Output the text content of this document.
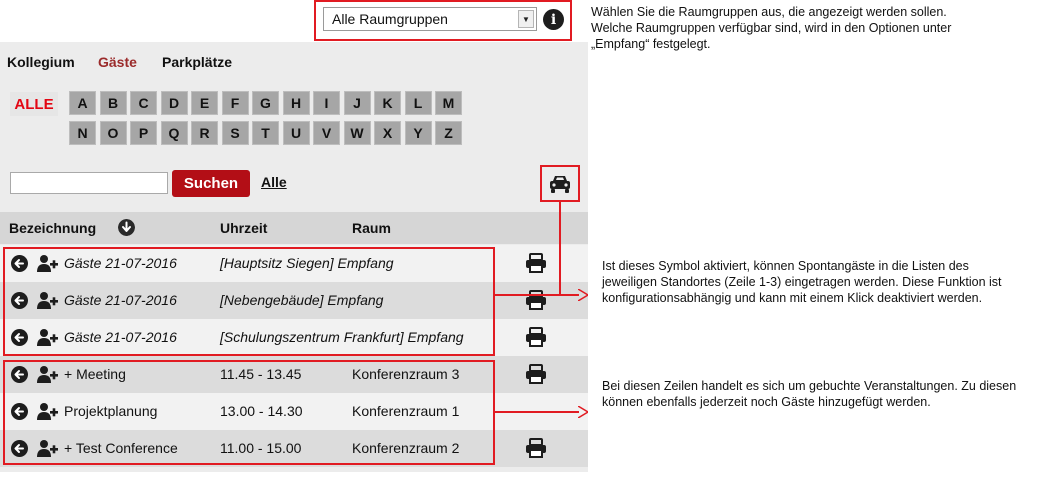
Alle Raumgruppen	▼	i
Kollegium Gäste Parkplätze
ALLE	A	B	C	D	E	F	G	H	I	J	K	L	M
N	O	P	Q	R	S	T	U	V	W	X	Y	Z
Suchen	Alle
Bezeichnung	Uhrzeit	Raum
Gäste 21-07-2016	[Hauptsitz Siegen] Empfang
Gäste 21-07-2016	[Nebengebäude] Empfang
Gäste 21-07-2016	[Schulungszentrum Frankfurt] Empfang
+ Meeting	11.45 - 13.45	Konferenzraum 3
Projektplanung	13.00 - 14.30	Konferenzraum 1
+ Test Conference	11.00 - 15.00	Konferenzraum 2
Wählen Sie die Raumgruppen aus, die angezeigt werden sollen. Welche Raumgruppen verfügbar sind, wird in den Optionen unter „Empfang“ festgelegt.
Ist dieses Symbol aktiviert, können Spontangäste in die Listen des jeweiligen Standortes (Zeile 1-3) eingetragen werden. Diese Funktion ist konfigurationsabhängig und kann mit einem Klick deaktiviert werden.
Bei diesen Zeilen handelt es sich um gebuchte Veranstaltungen. Zu diesen können ebenfalls jederzeit noch Gäste hinzugefügt werden.
